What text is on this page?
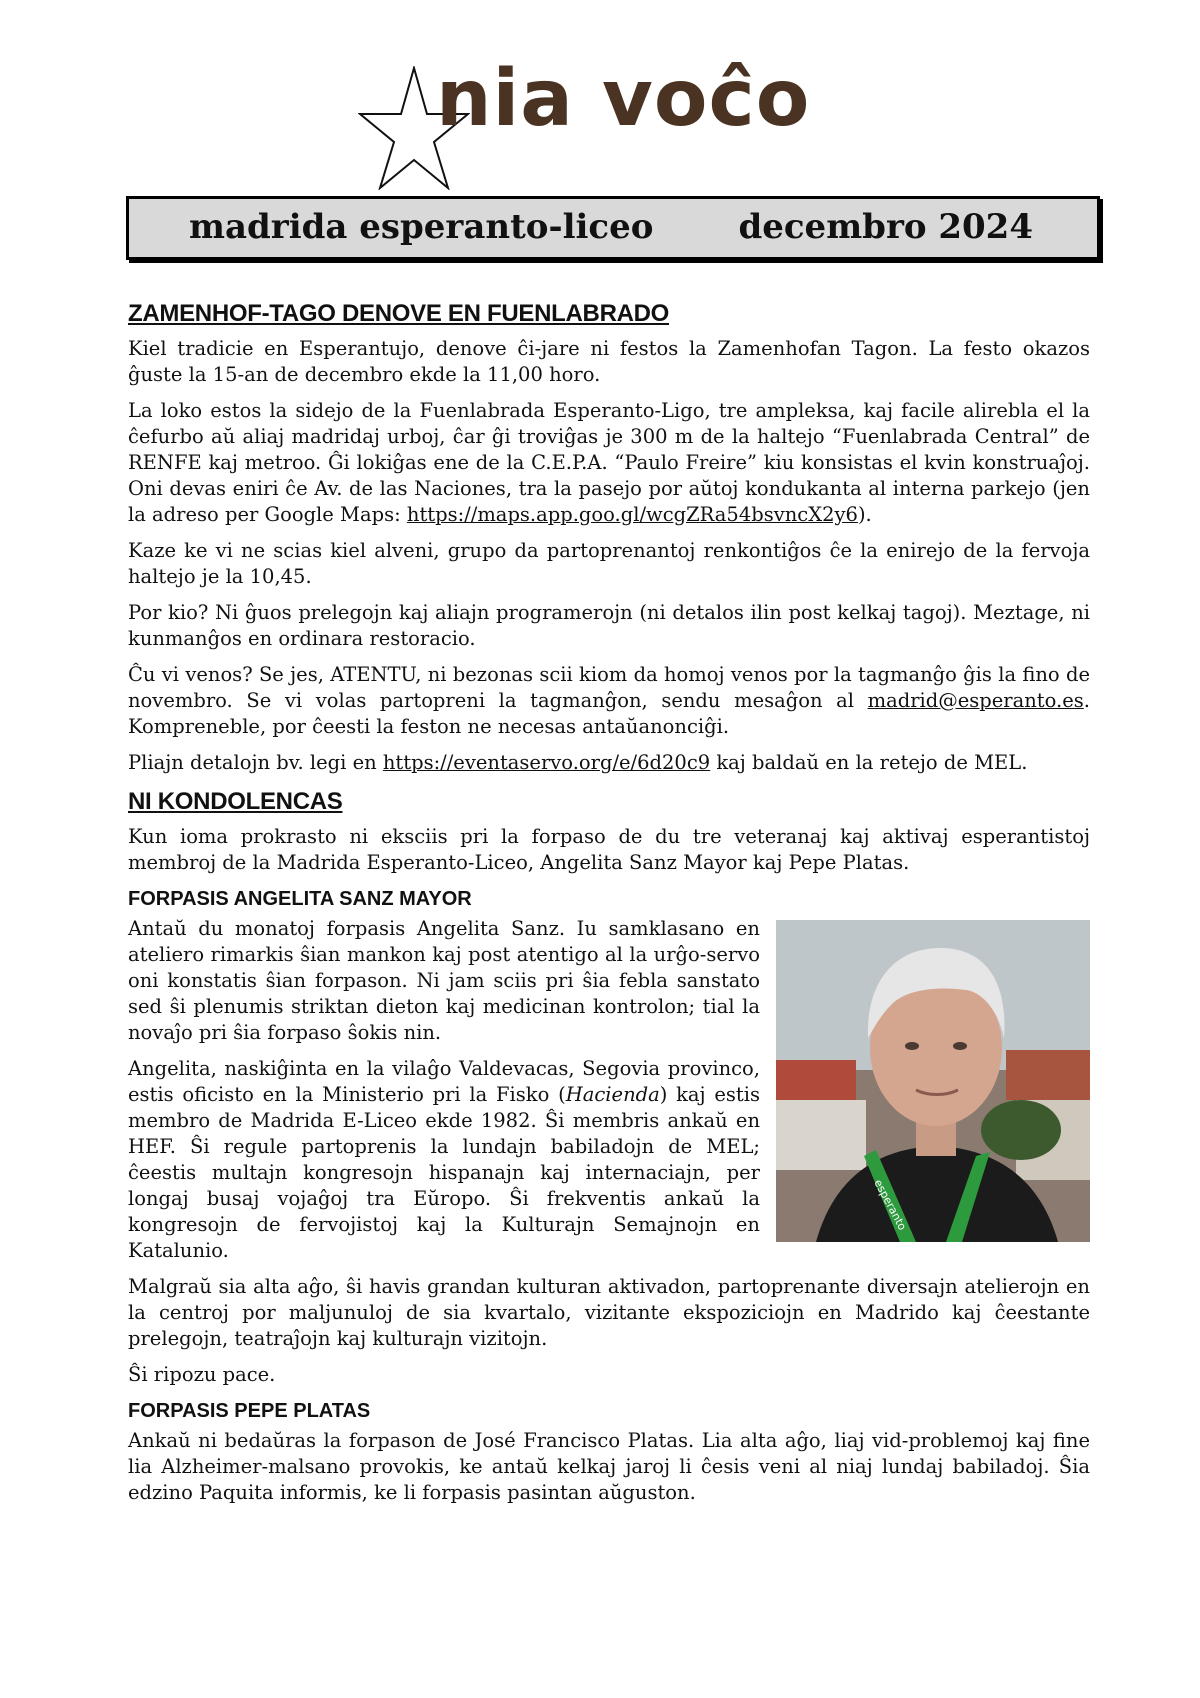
nia voĉo
madrida esperanto-liceo	decembro 2024
ZAMENHOF-TAGO DENOVE EN FUENLABRADO

Kiel tradicie en Esperantujo, denove ĉi-jare ni festos la Zamenhofan Tagon. La festo okazos ĝuste la 15-an de decembro ekde la 11,00 horo.

La loko estos la sidejo de la Fuenlabrada Esperanto-Ligo, tre ampleksa, kaj facile alirebla el la ĉefurbo aŭ aliaj madridaj urboj, ĉar ĝi troviĝas je 300 m de la haltejo “Fuenlabrada Central” de RENFE kaj metroo. Ĝi lokiĝas ene de la C.E.P.A. “Paulo Freire” kiu konsistas el kvin konstruaĵoj. Oni devas eniri ĉe Av. de las Naciones, tra la pasejo por aŭtoj kondukanta al interna parkejo (jen la adreso per Google Maps: https://maps.app.goo.gl/wcgZRa54bsvncX2y6).

Kaze ke vi ne scias kiel alveni, grupo da partoprenantoj renkontiĝos ĉe la enirejo de la fervoja haltejo je la 10,45.

Por kio? Ni ĝuos prelegojn kaj aliajn programerojn (ni detalos ilin post kelkaj tagoj). Meztage, ni kunmanĝos en ordinara restoracio.

Ĉu vi venos? Se jes, ATENTU, ni bezonas scii kiom da homoj venos por la tagmanĝo ĝis la fino de novembro. Se vi volas partopreni la tagmanĝon, sendu mesaĝon al madrid@esperanto.es. Kompreneble, por ĉeesti la feston ne necesas antaŭanonciĝi.

Pliajn detalojn bv. legi en https://eventaservo.org/e/6d20c9 kaj baldaŭ en la retejo de MEL.

NI KONDOLENCAS

Kun ioma prokrasto ni eksciis pri la forpaso de du tre veteranaj kaj aktivaj esperantistoj membroj de la Madrida Esperanto-Liceo, Angelita Sanz Mayor kaj Pepe Platas.

FORPASIS ANGELITA SANZ MAYOR
esperanto

Antaŭ du monatoj forpasis Angelita Sanz. Iu samklasano en ateliero rimarkis ŝian mankon kaj post atentigo al la urĝo-servo oni konstatis ŝian forpason. Ni jam sciis pri ŝia febla sanstato sed ŝi plenumis striktan dieton kaj medicinan kontrolon; tial la novaĵo pri ŝia forpaso ŝokis nin.

Angelita, naskiĝinta en la vilaĝo Valdevacas, Segovia provinco, estis oficisto en la Ministerio pri la Fisko (Hacienda) kaj estis membro de Madrida E-Liceo ekde 1982. Ŝi membris ankaŭ en HEF. Ŝi regule partoprenis la lundajn babiladojn de MEL; ĉeestis multajn kongresojn hispanajn kaj internaciajn, per longaj busaj vojaĝoj tra Eŭropo. Ŝi frekventis ankaŭ la kongresojn de fervojistoj kaj la Kulturajn Semajnojn en Katalunio.

Malgraŭ sia alta aĝo, ŝi havis grandan kulturan aktivadon, partoprenante diversajn atelierojn en la centroj por maljunuloj de sia kvartalo, vizitante ekspoziciojn en Madrido kaj ĉeestante prelegojn, teatraĵojn kaj kulturajn vizitojn.

Ŝi ripozu pace.

FORPASIS PEPE PLATAS

Ankaŭ ni bedaŭras la forpason de José Francisco Platas. Lia alta aĝo, liaj vid-problemoj kaj fine lia Alzheimer-malsano provokis, ke antaŭ kelkaj jaroj li ĉesis veni al niaj lundaj babiladoj. Ŝia edzino Paquita informis, ke li forpasis pasintan aŭguston.
